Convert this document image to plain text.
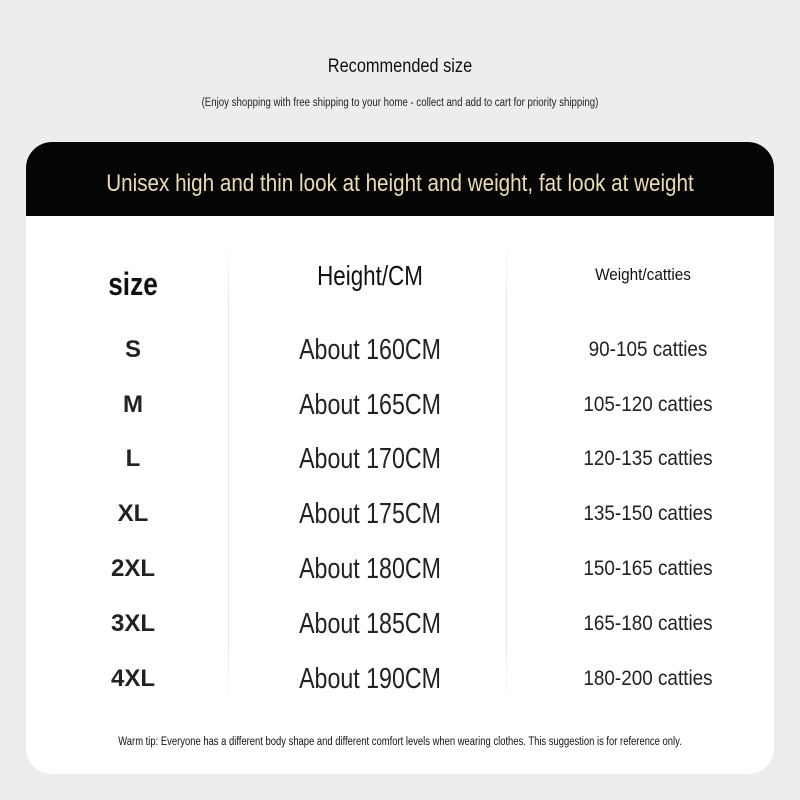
Recommended size
(Enjoy shopping with free shipping to your home - collect and add to cart for priority shipping)
Unisex high and thin look at height and weight, fat look at weight
size	Height/CM	Weight/catties
S	About 160CM	90-105 catties
M	About 165CM	105-120 catties
L	About 170CM	120-135 catties
XL	About 175CM	135-150 catties
2XL	About 180CM	150-165 catties
3XL	About 185CM	165-180 catties
4XL	About 190CM	180-200 catties
Warm tip: Everyone has a different body shape and different comfort levels when wearing clothes. This suggestion is for reference only.
